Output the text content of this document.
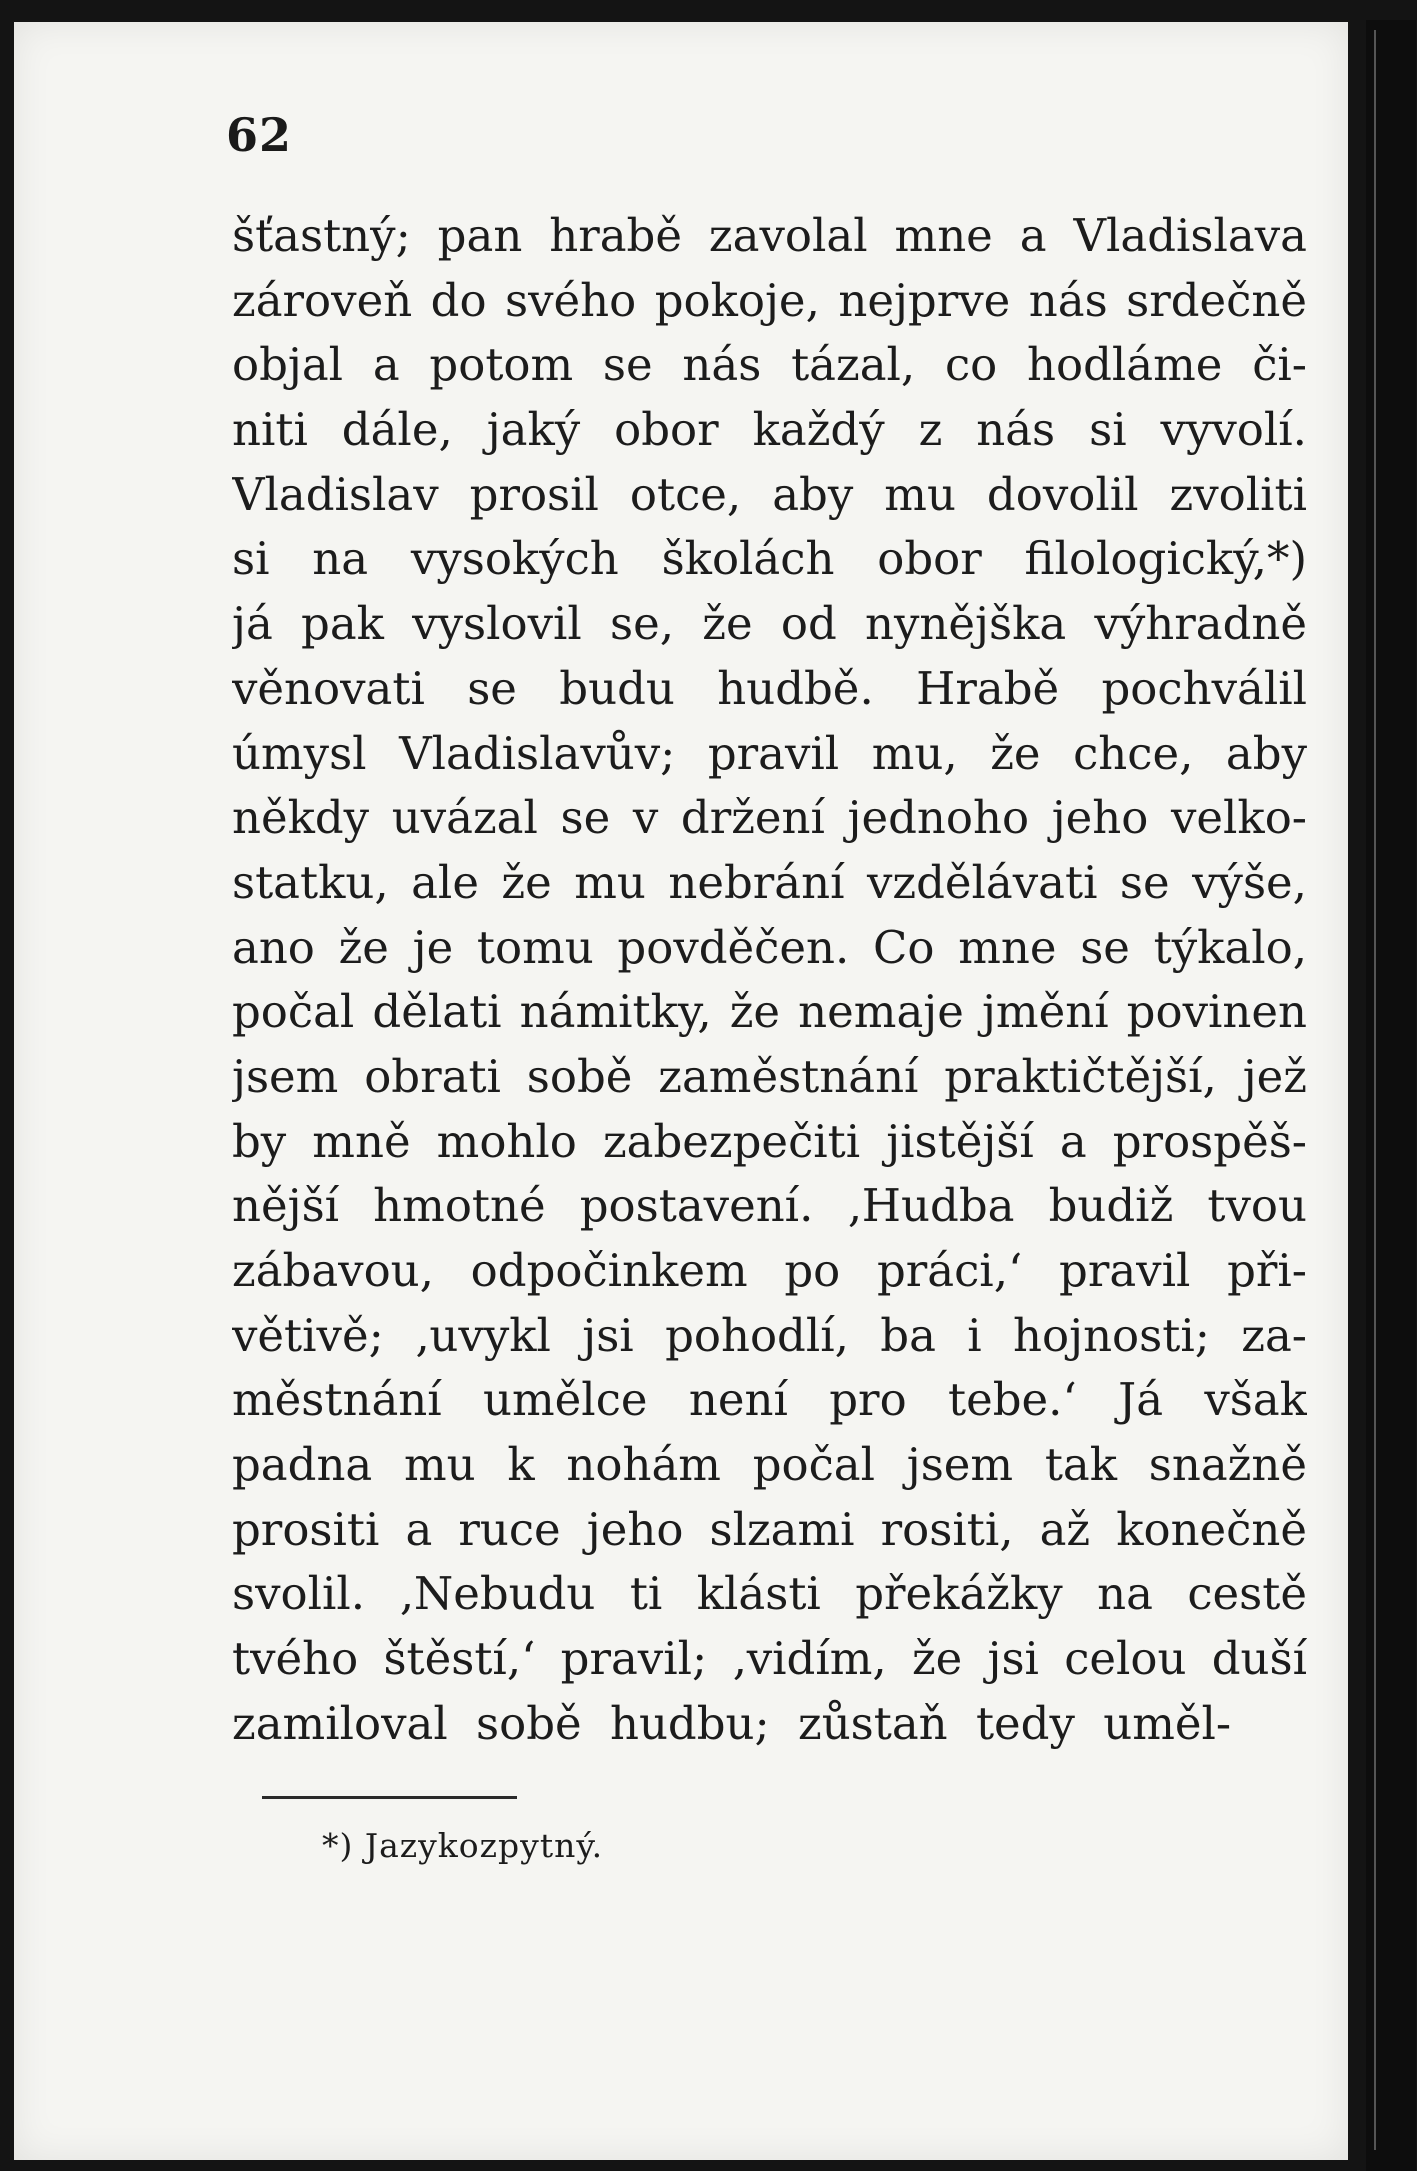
62
šťastný; pan hrabě zavolal mne a Vladislava
zároveň do svého pokoje, nejprve nás srdečně
objal a potom se nás tázal, co hodláme či-
niti dále, jaký obor každý z nás si vyvolí.
Vladislav prosil otce, aby mu dovolil zvoliti
si na vysokých školách obor filologický,*)
já pak vyslovil se, že od nynějška výhradně
věnovati se budu hudbě. Hrabě pochválil
úmysl Vladislavův; pravil mu, že chce, aby
někdy uvázal se v držení jednoho jeho velko-
statku, ale že mu nebrání vzdělávati se výše,
ano že je tomu povděčen. Co mne se týkalo,
počal dělati námitky, že nemaje jmění povinen
jsem obrati sobě zaměstnání praktičtější, jež
by mně mohlo zabezpečiti jistější a prospěš-
nější hmotné postavení. ‚Hudba budiž tvou
zábavou, odpočinkem po práci,‘ pravil při-
větivě; ‚uvykl jsi pohodlí, ba i hojnosti; za-
městnání umělce není pro tebe.‘ Já však
padna mu k nohám počal jsem tak snažně
prositi a ruce jeho slzami rositi, až konečně
svolil. ‚Nebudu ti klásti překážky na cestě
tvého štěstí,‘ pravil; ‚vidím, že jsi celou duší
zamiloval sobě hudbu; zůstaň tedy uměl-
*) Jazykozpytný.
